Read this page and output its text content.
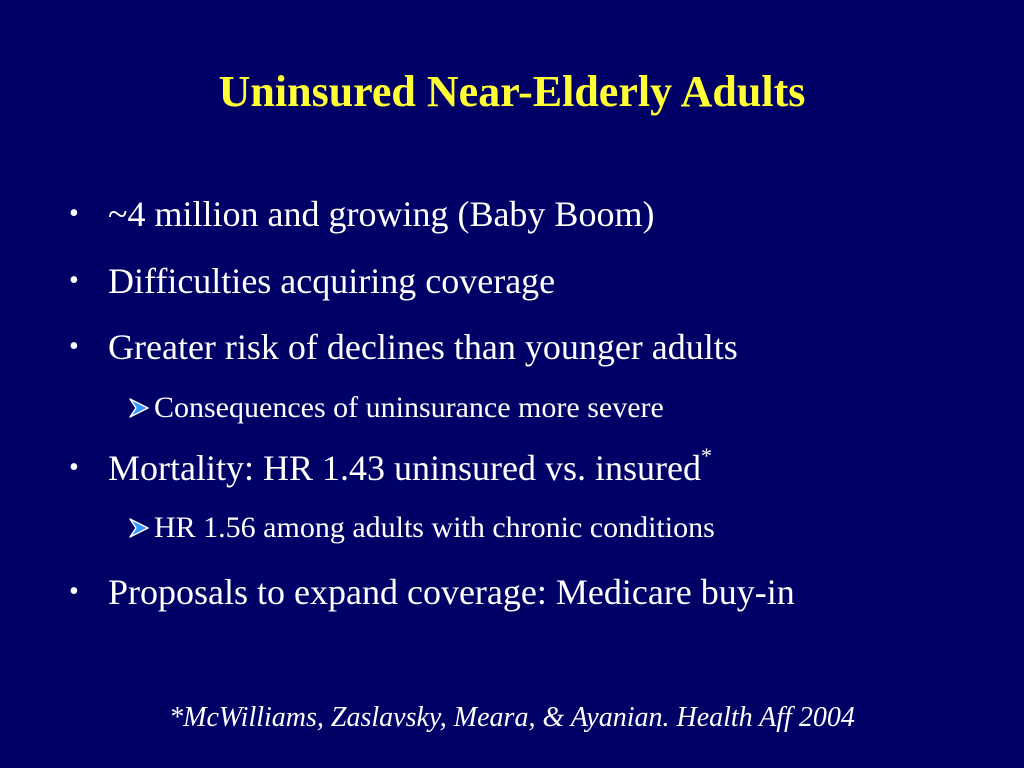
Uninsured Near-Elderly Adults
• ~4 million and growing (Baby Boom)
• Difficulties acquiring coverage
• Greater risk of declines than younger adults
Consequences of uninsurance more severe
• Mortality: HR 1.43 uninsured vs. insured*
HR 1.56 among adults with chronic conditions
• Proposals to expand coverage: Medicare buy-in
*McWilliams, Zaslavsky, Meara, & Ayanian. Health Aff 2004
